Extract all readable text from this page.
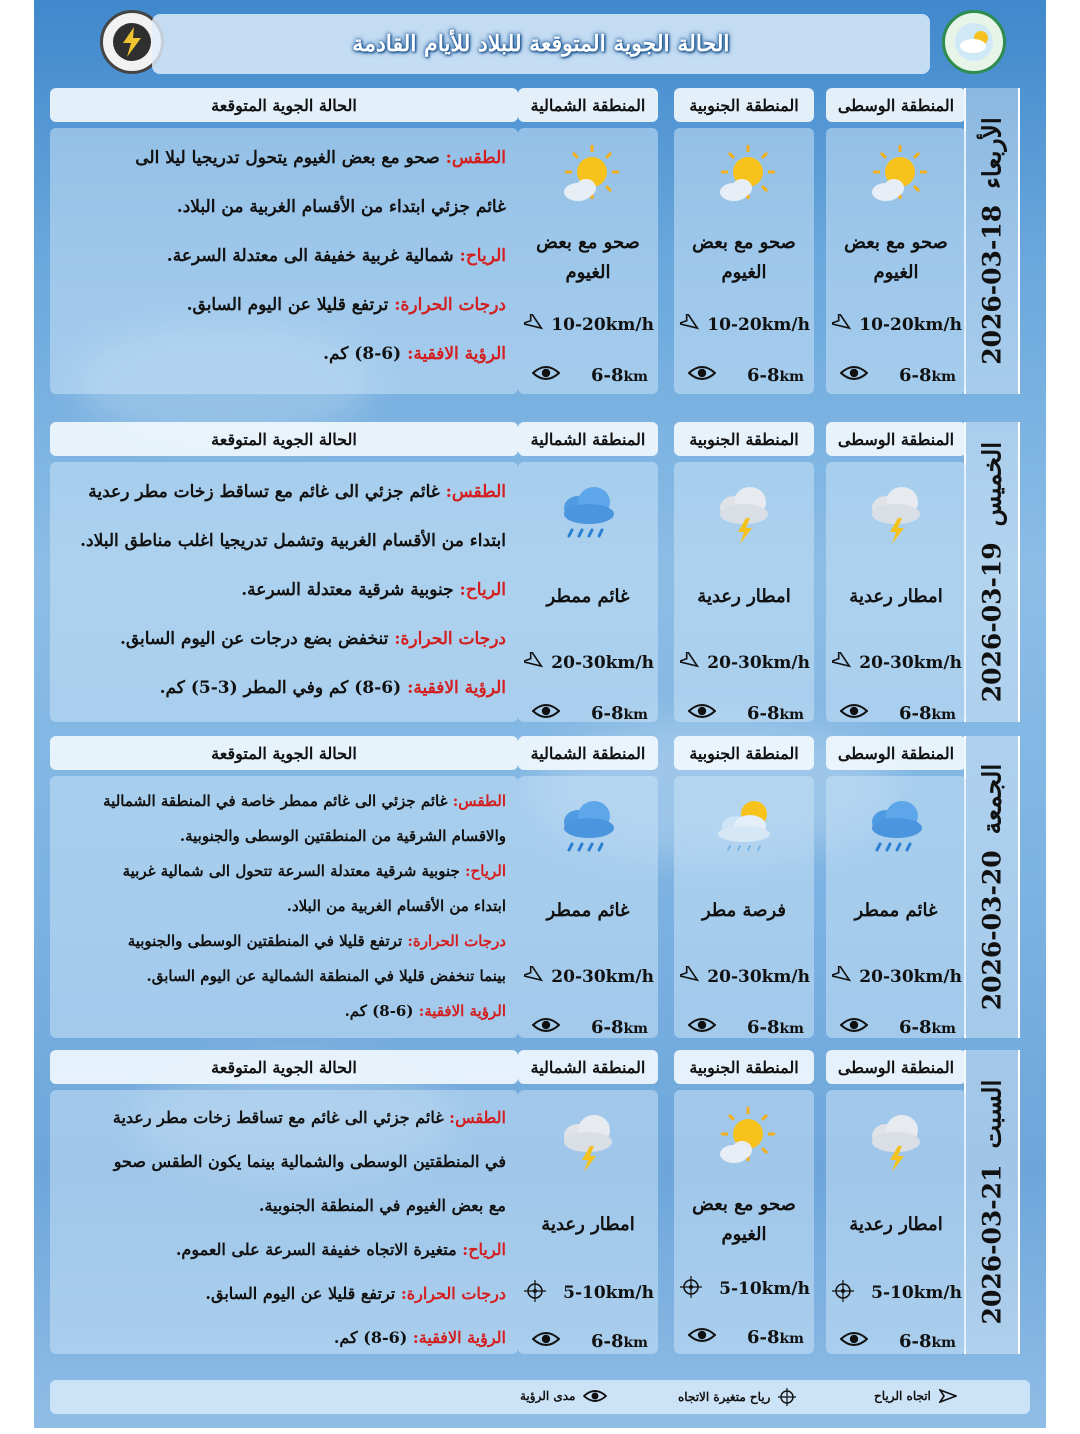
الحالة الجوية المتوقعة للبلاد للأيام القادمة
2026-03-18
الأربعاء
المنطقة الوسطى
صحو مع بعض الغيوم
10-20km/h
6-8km
المنطقة الجنوبية
صحو مع بعض الغيوم
10-20km/h
6-8km
المنطقة الشمالية
صحو مع بعض الغيوم
10-20km/h
6-8km
الحالة الجوية المتوقعة
الطقس: صحو مع بعض الغيوم يتحول تدريجيا ليلا الى
غائم جزئي ابتداء من الأقسام الغربية من البلاد.
الرياح: شمالية غربية خفيفة الى معتدلة السرعة.
درجات الحرارة: ترتفع قليلا عن اليوم السابق.
الرؤية الافقية: (6-8) كم.
2026-03-19
الخميس
المنطقة الوسطى
امطار رعدية
20-30km/h
6-8km
المنطقة الجنوبية
امطار رعدية
20-30km/h
6-8km
المنطقة الشمالية
غائم ممطر
20-30km/h
6-8km
الحالة الجوية المتوقعة
الطقس: غائم جزئي الى غائم مع تساقط زخات مطر رعدية
ابتداء من الأقسام الغربية وتشمل تدريجيا اغلب مناطق البلاد.
الرياح: جنوبية شرقية معتدلة السرعة.
درجات الحرارة: تنخفض بضع درجات عن اليوم السابق.
الرؤية الافقية: (6-8) كم وفي المطر (3-5) كم.
2026-03-20
الجمعة
المنطقة الوسطى
غائم ممطر
20-30km/h
6-8km
المنطقة الجنوبية
فرصة مطر
20-30km/h
6-8km
المنطقة الشمالية
غائم ممطر
20-30km/h
6-8km
الحالة الجوية المتوقعة
الطقس: غائم جزئي الى غائم ممطر خاصة في المنطقة الشمالية
والاقسام الشرقية من المنطقتين الوسطى والجنوبية.
الرياح: جنوبية شرقية معتدلة السرعة تتحول الى شمالية غربية
ابتداء من الأقسام الغربية من البلاد.
درجات الحرارة: ترتفع قليلا في المنطقتين الوسطى والجنوبية
بينما تنخفض قليلا في المنطقة الشمالية عن اليوم السابق.
الرؤية الافقية: (6-8) كم.
2026-03-21
السبت
المنطقة الوسطى
امطار رعدية
5-10km/h
6-8km
المنطقة الجنوبية
صحو مع بعض الغيوم
5-10km/h
6-8km
المنطقة الشمالية
امطار رعدية
5-10km/h
6-8km
الحالة الجوية المتوقعة
الطقس: غائم جزئي الى غائم مع تساقط زخات مطر رعدية
في المنطقتين الوسطى والشمالية بينما يكون الطقس صحو
مع بعض الغيوم في المنطقة الجنوبية.
الرياح: متغيرة الاتجاه خفيفة السرعة على العموم.
درجات الحرارة: ترتفع قليلا عن اليوم السابق.
الرؤية الافقية: (6-8) كم.
اتجاه الرياح
رياح متغيرة الاتجاه
مدى الرؤية
